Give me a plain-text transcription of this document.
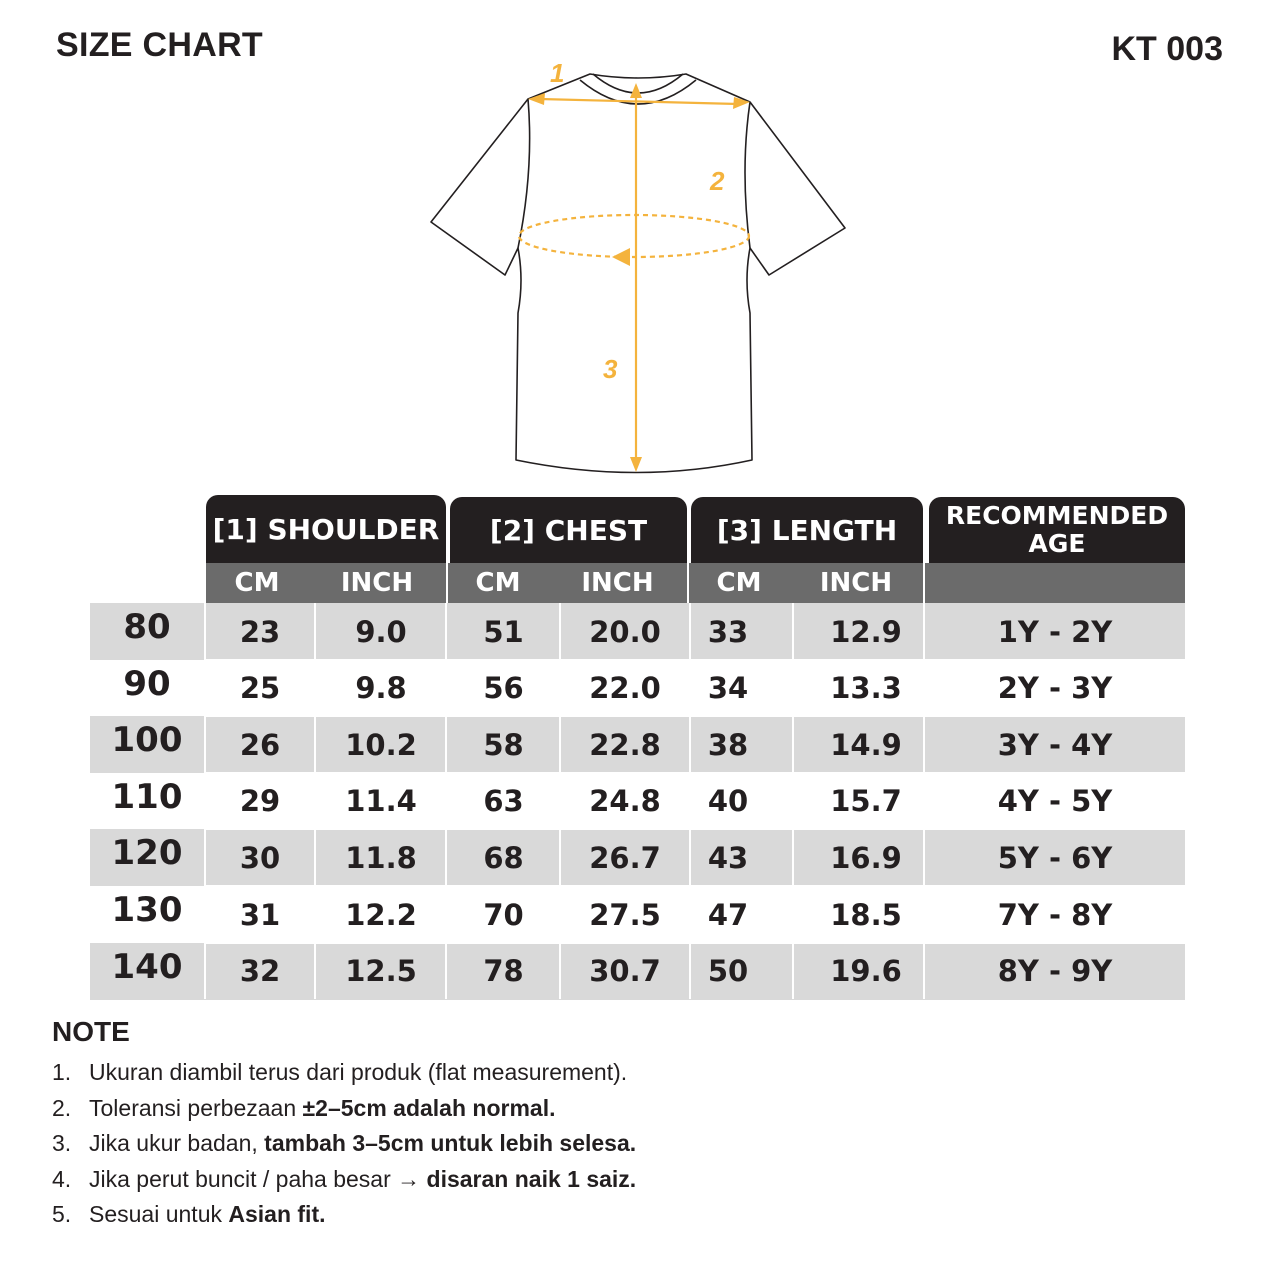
SIZE CHART	KT 003
1
2
3
[1] SHOULDER	[2] CHEST	[3] LENGTH	RECOMMENDED
AGE
CM	INCH	CM	INCH	CM	INCH
80	23	9.0	51	20.0	33	12.9	1Y - 2Y
90	25	9.8	56	22.0	34	13.3	2Y - 3Y
100	26	10.2	58	22.8	38	14.9	3Y - 4Y
110	29	11.4	63	24.8	40	15.7	4Y - 5Y
120	30	11.8	68	26.7	43	16.9	5Y - 6Y
130	31	12.2	70	27.5	47	18.5	7Y - 8Y
140	32	12.5	78	30.7	50	19.6	8Y - 9Y
NOTE
1. Ukuran diambil terus dari produk (flat measurement).
2. Toleransi perbezaan ±2–5cm adalah normal.
3. Jika ukur badan, tambah 3–5cm untuk lebih selesa.
4. Jika perut buncit / paha besar → disaran naik 1 saiz.
5. Sesuai untuk Asian fit.
